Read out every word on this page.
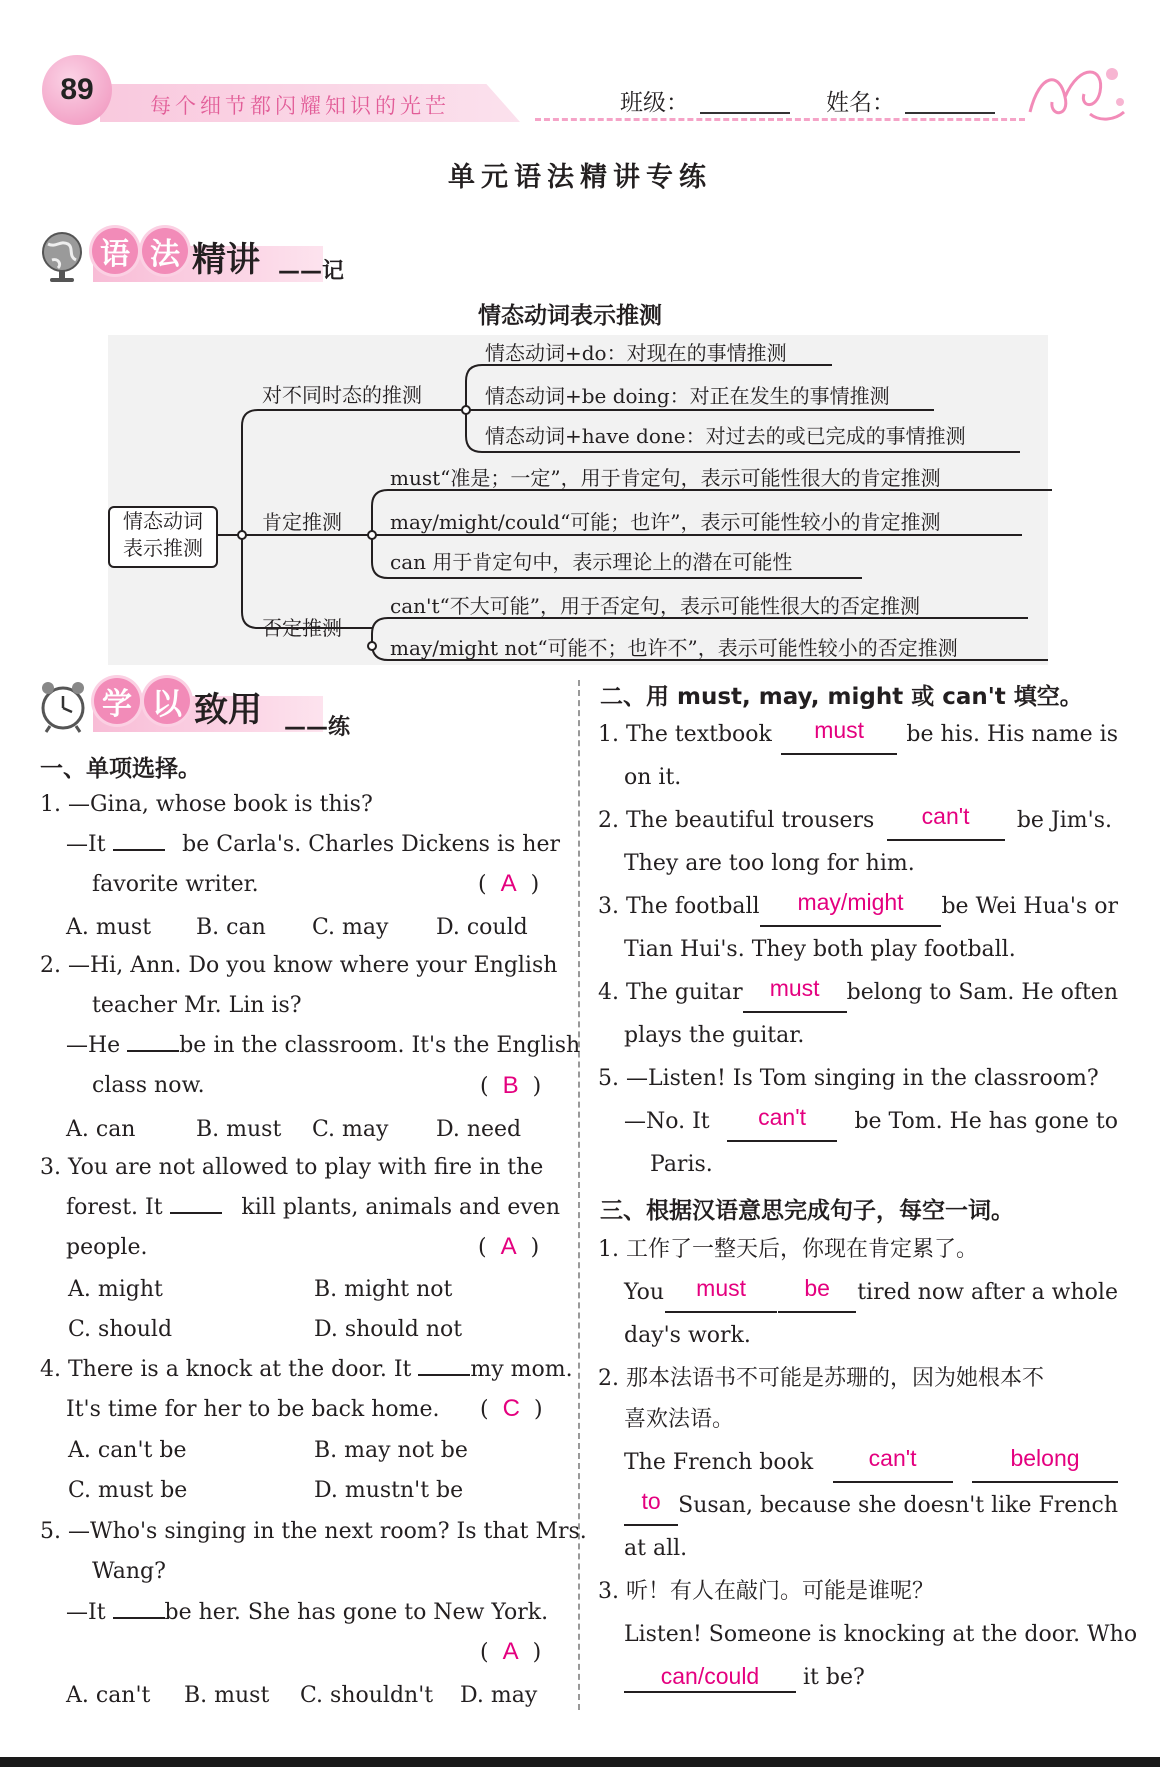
89	每个细节都闪耀知识的光芒	班级：	姓名：
单元语法精讲专练
语 法 精讲 ——记
情态动词表示推测
情态动词
表示推测
对不同时态的推测
情态动词+do：对现在的事情推测
情态动词+be doing：对正在发生的事情推测
情态动词+have done：对过去的或已完成的事情推测
肯定推测
must“准是；一定”，用于肯定句，表示可能性很大的肯定推测
may/might/could“可能；也许”，表示可能性较小的肯定推测
can 用于肯定句中，表示理论上的潜在可能性
否定推测
can't“不大可能”，用于否定句，表示可能性很大的否定推测
may/might not“可能不；也许不”，表示可能性较小的否定推测
学 以 致用 ——练
一、单项选择。
1. —Gina, whose book is this?
—It	be Carla's. Charles Dickens is her
favorite writer.	( A )
A. must B. can C. may D. could
2. —Hi, Ann. Do you know where your English
teacher Mr. Lin is?
—He	be in the classroom. It's the English
class now.	( B )
A. can	B. must C. may D. need
3. You are not allowed to play with fire in the
forest. It	kill plants, animals and even
people.	( A )
A. might	B. might not
C. should	D. should not
4. There is a knock at the door. It	my mom.
It's time for her to be back home. ( C )
A. can't be	B. may not be
C. must be	D. mustn't be
5. —Who's singing in the next room? Is that Mrs.
Wang?
—It	be her. She has gone to New York.
( A )
A. can't B. must C. shouldn't D. may
二、用 must, may, might 或 can't 填空。
1. The textbook	must	be his. His name is
on it.
2. The beautiful trousers	can't	be Jim's.
They are too long for him.
3. The football	may/might	be Wei Hua's or
Tian Hui's. They both play football.
4. The guitar	must	belong to Sam. He often
plays the guitar.
5. —Listen! Is Tom singing in the classroom?
—No. It	can't	be Tom. He has gone to
Paris.
三、根据汉语意思完成句子，每空一词。
1. 工作了一整天后，你现在肯定累了。
You	must	be	tired now after a whole
day's work.
2. 那本法语书不可能是苏珊的，因为她根本不
喜欢法语。
The French book	can't	belong
to Susan, because she doesn't like French
at all.
3. 听！有人在敲门。可能是谁呢？
Listen! Someone is knocking at the door. Who
can/could it be?
